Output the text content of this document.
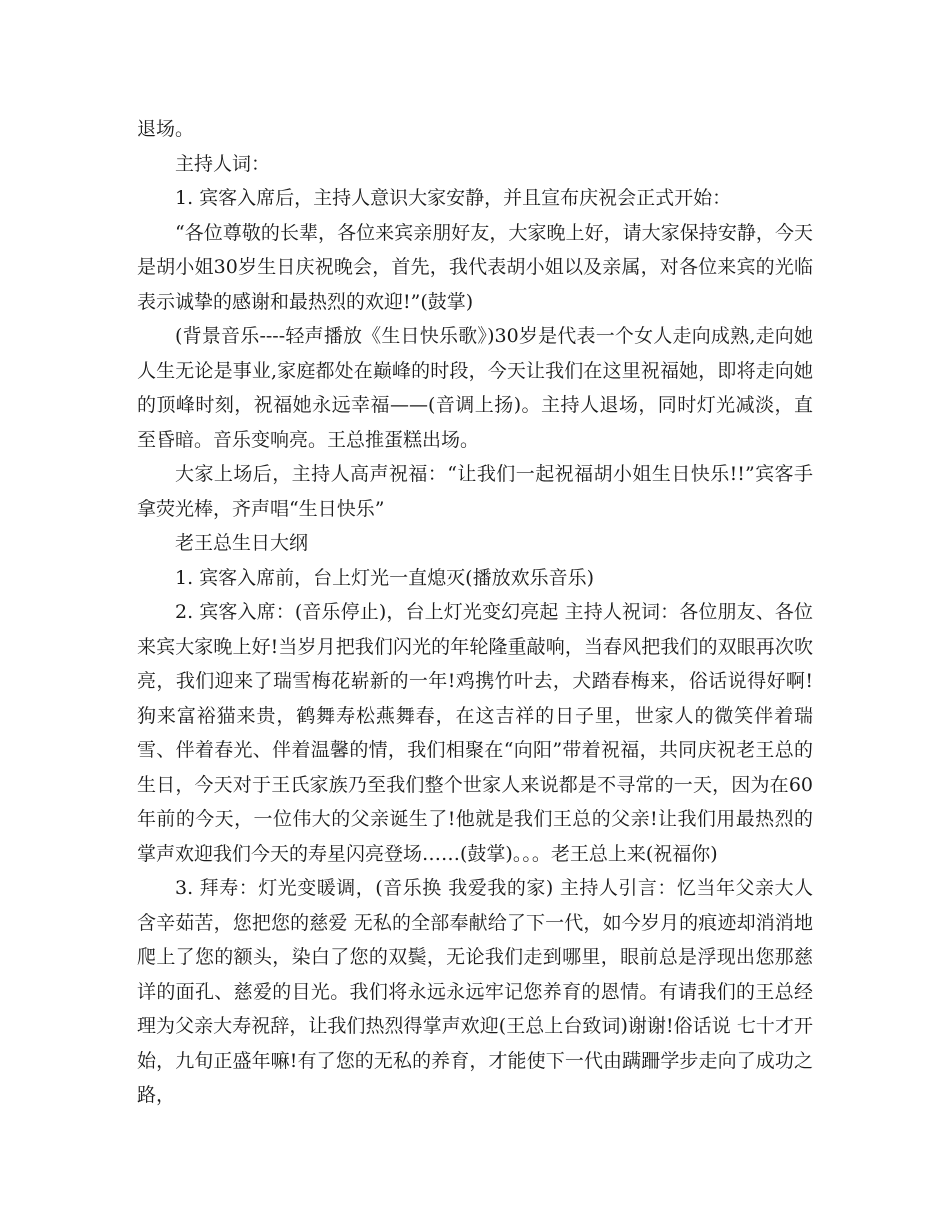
退场。

主持人词：

1. 宾客入席后，主持人意识大家安静，并且宣布庆祝会正式开始：

“各位尊敬的长辈，各位来宾亲朋好友，大家晚上好，请大家保持安静，今天是胡小姐30岁生日庆祝晚会，首先，我代表胡小姐以及亲属，对各位来宾的光临表示诚挚的感谢和最热烈的欢迎!”(鼓掌)

(背景音乐----轻声播放《生日快乐歌》)30岁是代表一个女人走向成熟,走向她人生无论是事业,家庭都处在巅峰的时段，今天让我们在这里祝福她，即将走向她的顶峰时刻，祝福她永远幸福——(音调上扬)。主持人退场，同时灯光减淡，直至昏暗。音乐变响亮。王总推蛋糕出场。

大家上场后，主持人高声祝福：“让我们一起祝福胡小姐生日快乐!!”宾客手拿荧光棒，齐声唱“生日快乐”

老王总生日大纲

1. 宾客入席前，台上灯光一直熄灭(播放欢乐音乐)

2. 宾客入席：(音乐停止)，台上灯光变幻亮起 主持人祝词：各位朋友、各位来宾大家晚上好!当岁月把我们闪光的年轮隆重敲响，当春风把我们的双眼再次吹亮，我们迎来了瑞雪梅花崭新的一年!鸡携竹叶去，犬踏春梅来，俗话说得好啊!狗来富裕猫来贵，鹤舞寿松燕舞春，在这吉祥的日子里，世家人的微笑伴着瑞雪、伴着春光、伴着温馨的情，我们相聚在“向阳”带着祝福，共同庆祝老王总的生日，今天对于王氏家族乃至我们整个世家人来说都是不寻常的一天，因为在60年前的今天，一位伟大的父亲诞生了!他就是我们王总的父亲!让我们用最热烈的掌声欢迎我们今天的寿星闪亮登场……(鼓掌)。。。老王总上来(祝福你)

3. 拜寿：灯光变暖调，(音乐换 我爱我的家) 主持人引言：忆当年父亲大人含辛茹苦，您把您的慈爱 无私的全部奉献给了下一代，如今岁月的痕迹却消消地爬上了您的额头，染白了您的双鬓，无论我们走到哪里，眼前总是浮现出您那慈详的面孔、慈爱的目光。我们将永远永远牢记您养育的恩情。有请我们的王总经理为父亲大寿祝辞，让我们热烈得掌声欢迎(王总上台致词)谢谢!俗话说 七十才开始，九旬正盛年嘛!有了您的无私的养育，才能使下一代由蹒跚学步走向了成功之路，
